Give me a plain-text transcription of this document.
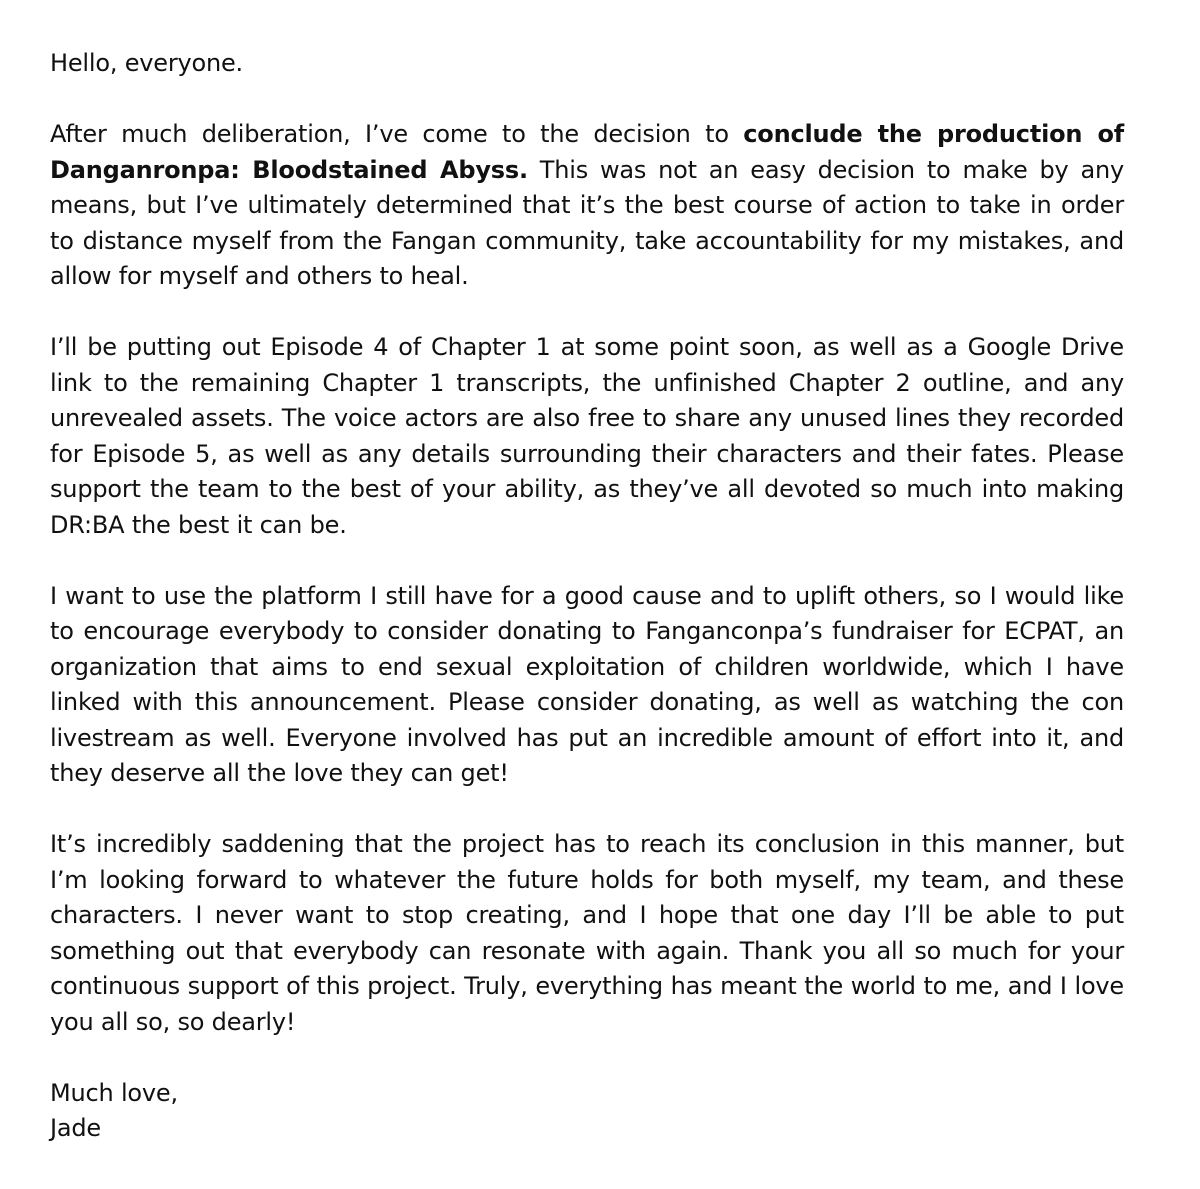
Hello, everyone.

After much deliberation, I’ve come to the decision to conclude the production of Danganronpa: Bloodstained Abyss. This was not an easy decision to make by any means, but I’ve ultimately determined that it’s the best course of action to take in order to distance myself from the Fangan community, take accountability for my mistakes, and allow for myself and others to heal.

I’ll be putting out Episode 4 of Chapter 1 at some point soon, as well as a Google Drive link to the remaining Chapter 1 transcripts, the unfinished Chapter 2 outline, and any unrevealed assets. The voice actors are also free to share any unused lines they recorded for Episode 5, as well as any details surrounding their characters and their fates. Please support the team to the best of your ability, as they’ve all devoted so much into making DR:BA the best it can be.

I want to use the platform I still have for a good cause and to uplift others, so I would like to encourage everybody to consider donating to Fanganconpa’s fundraiser for ECPAT, an organization that aims to end sexual exploitation of children worldwide, which I have linked with this announcement. Please consider donating, as well as watching the con livestream as well. Everyone involved has put an incredible amount of effort into it, and they deserve all the love they can get!

It’s incredibly saddening that the project has to reach its conclusion in this manner, but I’m looking forward to whatever the future holds for both myself, my team, and these characters. I never want to stop creating, and I hope that one day I’ll be able to put something out that everybody can resonate with again. Thank you all so much for your continuous support of this project. Truly, everything has meant the world to me, and I love you all so, so dearly!

Much love,
Jade
